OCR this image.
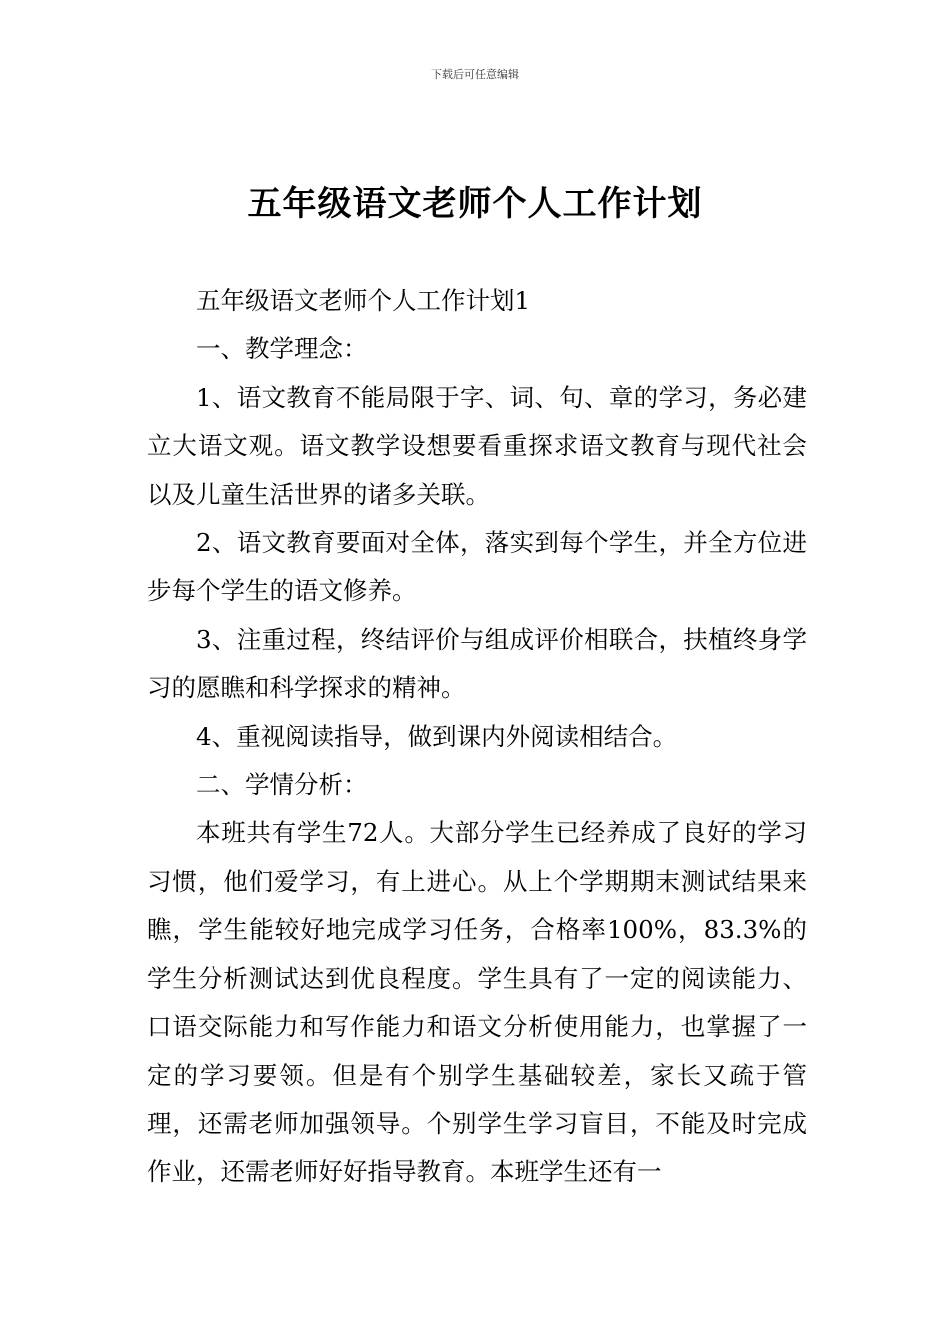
下载后可任意编辑
五年级语文老师个人工作计划

五年级语文老师个人工作计划1

一、教学理念：

1、语文教育不能局限于字、词、句、章的学习，务必建立大语文观。语文教学设想要看重探求语文教育与现代社会以及儿童生活世界的诸多关联。

2、语文教育要面对全体，落实到每个学生，并全方位进步每个学生的语文修养。

3、注重过程，终结评价与组成评价相联合，扶植终身学习的愿瞧和科学探求的精神。

4、重视阅读指导，做到课内外阅读相结合。

二、学情分析：

本班共有学生72人。大部分学生已经养成了良好的学习习惯，他们爱学习，有上进心。从上个学期期末测试结果来瞧，学生能较好地完成学习任务，合格率100%，83.3%的学生分析测试达到优良程度。学生具有了一定的阅读能力、口语交际能力和写作能力和语文分析使用能力，也掌握了一定的学习要领。但是有个别学生基础较差，家长又疏于管理，还需老师加强领导。个别学生学习盲目，不能及时完成作业，还需老师好好指导教育。本班学生还有一
